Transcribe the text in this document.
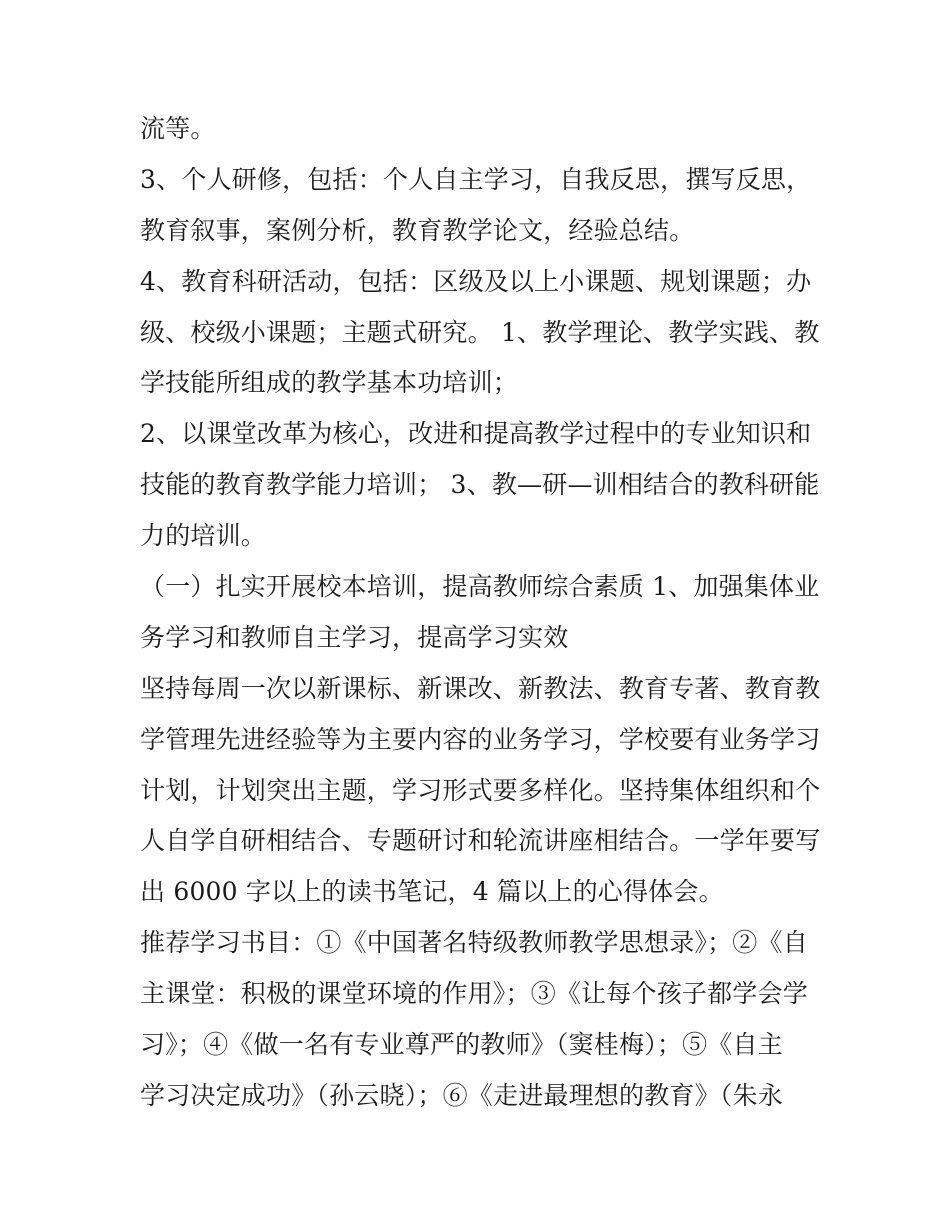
流等。
3、个人研修，包括：个人自主学习，自我反思，撰写反思，
教育叙事，案例分析，教育教学论文，经验总结。
4、教育科研活动，包括：区级及以上小课题、规划课题；办
级、校级小课题；主题式研究。 1、教学理论、教学实践、教
学技能所组成的教学基本功培训；
2、以课堂改革为核心，改进和提高教学过程中的专业知识和
技能的教育教学能力培训； 3、教—研—训相结合的教科研能
力的培训。
（一）扎实开展校本培训，提高教师综合素质 1、加强集体业
务学习和教师自主学习，提高学习实效
坚持每周一次以新课标、新课改、新教法、教育专著、教育教
学管理先进经验等为主要内容的业务学习，学校要有业务学习
计划，计划突出主题，学习形式要多样化。坚持集体组织和个
人自学自研相结合、专题研讨和轮流讲座相结合。一学年要写
出 6000 字以上的读书笔记，4 篇以上的心得体会。
推荐学习书目：①《中国著名特级教师教学思想录》；②《自
主课堂：积极的课堂环境的作用》；③《让每个孩子都学会学
习》；④《做一名有专业尊严的教师》（窦桂梅）；⑤《自主
学习决定成功》（孙云晓）；⑥《走进最理想的教育》（朱永
